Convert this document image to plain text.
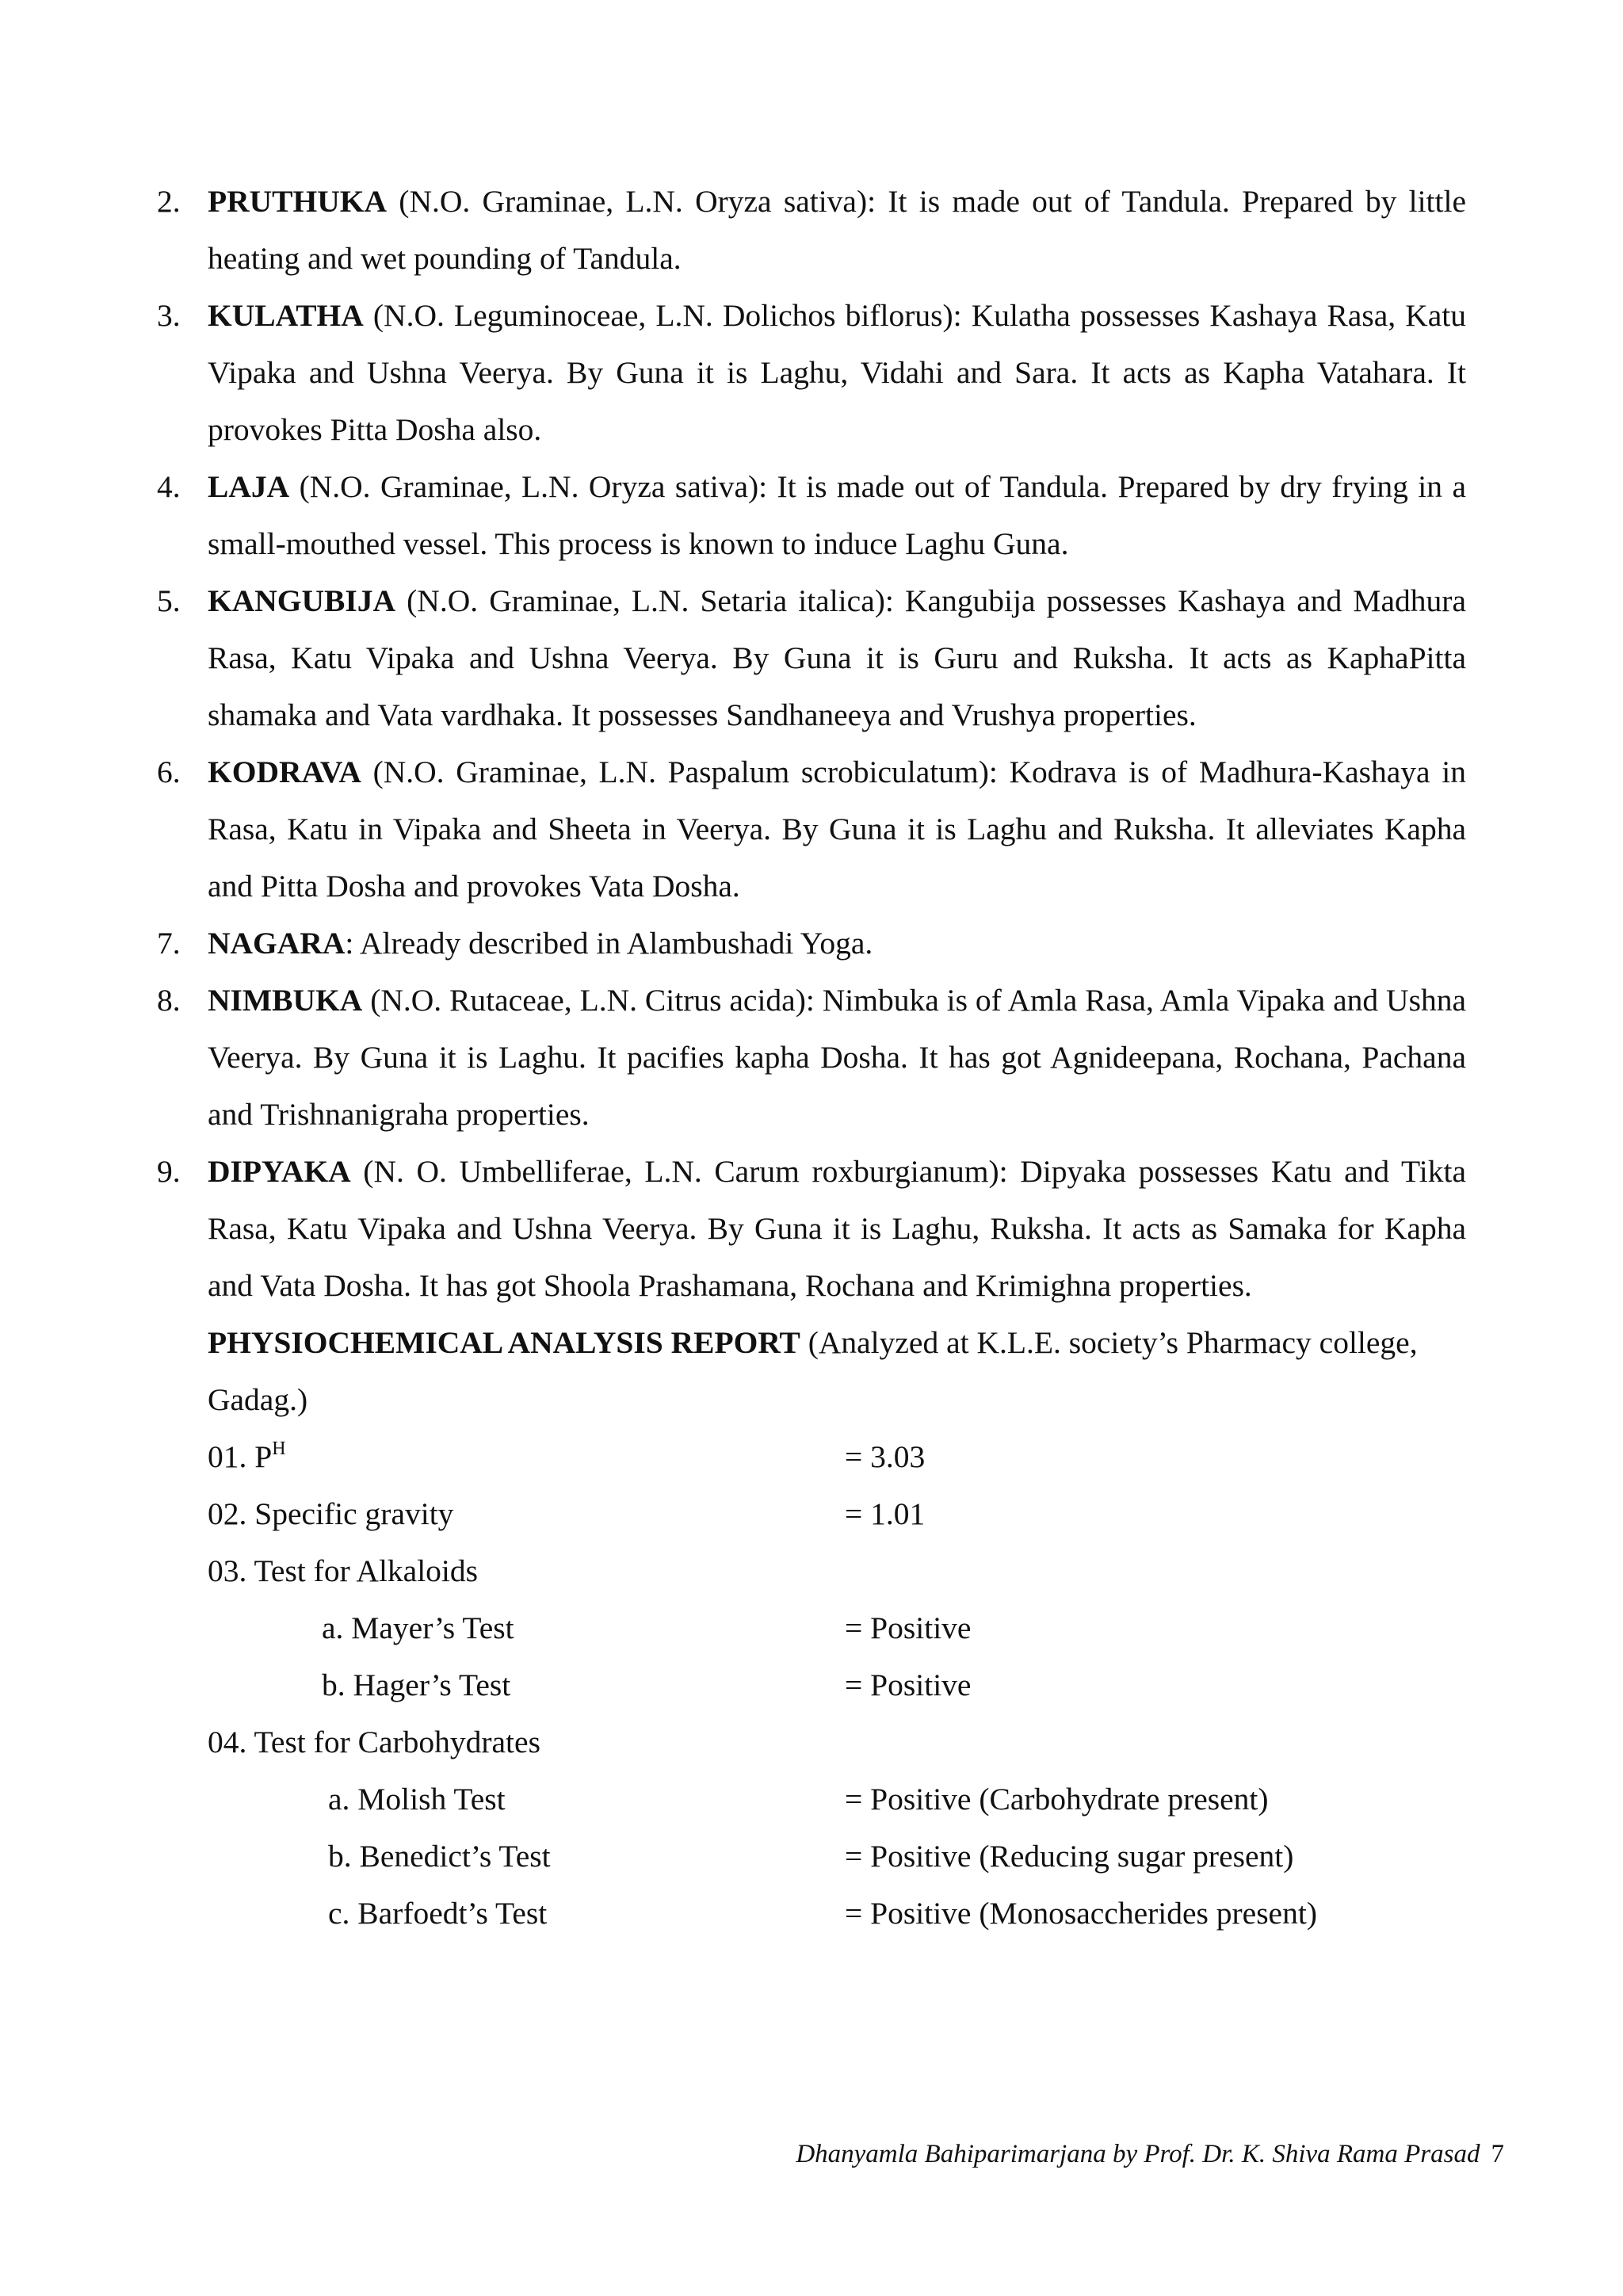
2. PRUTHUKA (N.O. Graminae, L.N. Oryza sativa): It is made out of Tandula. Prepared by little heating and wet pounding of Tandula.
3. KULATHA (N.O. Leguminoceae, L.N. Dolichos biflorus): Kulatha possesses Kashaya Rasa, Katu Vipaka and Ushna Veerya. By Guna it is Laghu, Vidahi and Sara. It acts as Kapha Vatahara. It provokes Pitta Dosha also.
4. LAJA (N.O. Graminae, L.N. Oryza sativa): It is made out of Tandula. Prepared by dry frying in a small-mouthed vessel. This process is known to induce Laghu Guna.
5. KANGUBIJA (N.O. Graminae, L.N. Setaria italica): Kangubija possesses Kashaya and Madhura Rasa, Katu Vipaka and Ushna Veerya. By Guna it is Guru and Ruksha. It acts as KaphaPitta shamaka and Vata vardhaka. It possesses Sandhaneeya and Vrushya properties.
6. KODRAVA (N.O. Graminae, L.N. Paspalum scrobiculatum): Kodrava is of Madhura-Kashaya in Rasa, Katu in Vipaka and Sheeta in Veerya. By Guna it is Laghu and Ruksha. It alleviates Kapha and Pitta Dosha and provokes Vata Dosha.
7. NAGARA: Already described in Alambushadi Yoga.
8. NIMBUKA (N.O. Rutaceae, L.N. Citrus acida): Nimbuka is of Amla Rasa, Amla Vipaka and Ushna Veerya. By Guna it is Laghu. It pacifies kapha Dosha. It has got Agnideepana, Rochana, Pachana and Trishnanigraha properties.
9. DIPYAKA (N. O. Umbelliferae, L.N. Carum roxburgianum): Dipyaka possesses Katu and Tikta Rasa, Katu Vipaka and Ushna Veerya. By Guna it is Laghu, Ruksha. It acts as Samaka for Kapha and Vata Dosha. It has got Shoola Prashamana, Rochana and Krimighna properties.

PHYSIOCHEMICAL ANALYSIS REPORT (Analyzed at K.L.E. society’s Pharmacy college, Gadag.)

01. $P^H$	= 3.03
02. Specific gravity	= 1.01
03. Test for Alkaloids
a. Mayer’s Test	= Positive
b. Hager’s Test	= Positive
04. Test for Carbohydrates
a. Molish Test	= Positive (Carbohydrate present)
b. Benedict’s Test	= Positive (Reducing sugar present)
c. Barfoedt’s Test	= Positive (Monosaccherides present)
Dhanyamla Bahiparimarjana by Prof. Dr. K. Shiva Rama Prasad 7
